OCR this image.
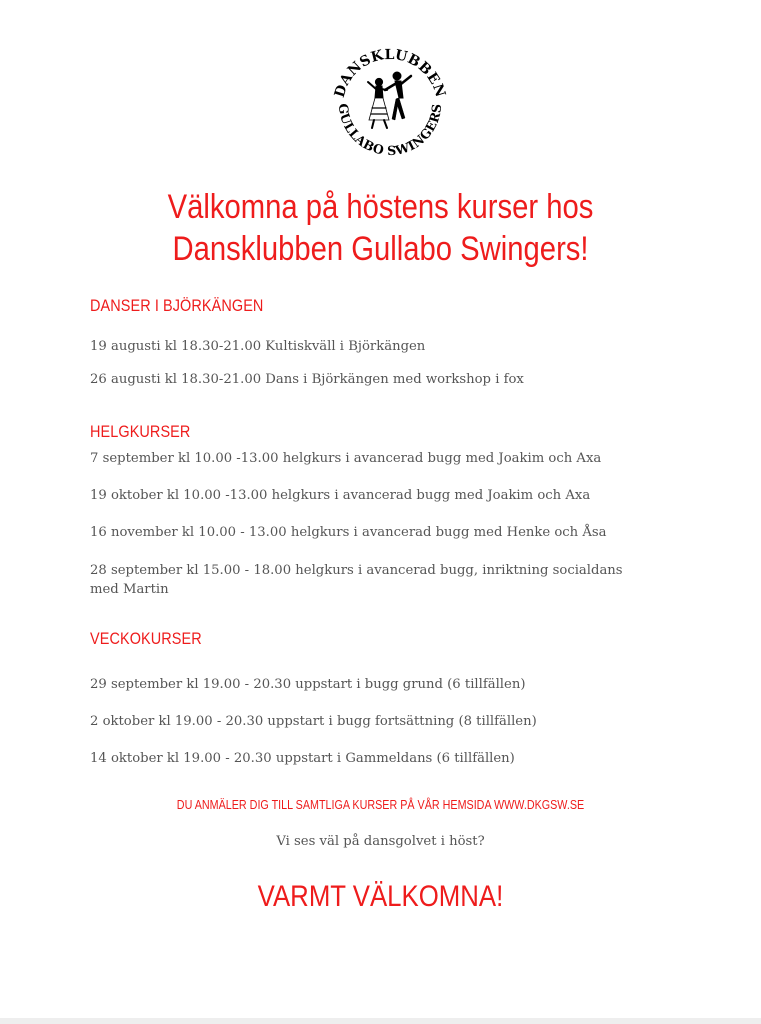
DANSKLUBBEN
GULLABO SWINGERS
Välkomna på höstens kurser hos Dansklubben Gullabo Swingers!
DANSER I BJÖRKÄNGEN

19 augusti kl 18.30-21.00 Kultiskväll i Björkängen

26 augusti kl 18.30-21.00 Dans i Björkängen med workshop i fox

HELGKURSER

7 september kl 10.00 -13.00 helgkurs i avancerad bugg med Joakim och Axa

19 oktober kl 10.00 -13.00 helgkurs i avancerad bugg med Joakim och Axa

16 november kl 10.00 - 13.00 helgkurs i avancerad bugg med Henke och Åsa

28 september kl 15.00 - 18.00 helgkurs i avancerad bugg, inriktning socialdans med Martin

VECKOKURSER

29 september kl 19.00 - 20.30 uppstart i bugg grund (6 tillfällen)

2 oktober kl 19.00 - 20.30 uppstart i bugg fortsättning (8 tillfällen)

14 oktober kl 19.00 - 20.30 uppstart i Gammeldans (6 tillfällen)

DU ANMÄLER DIG TILL SAMTLIGA KURSER PÅ VÅR HEMSIDA WWW.DKGSW.SE

Vi ses väl på dansgolvet i höst?

VARMT VÄLKOMNA!
